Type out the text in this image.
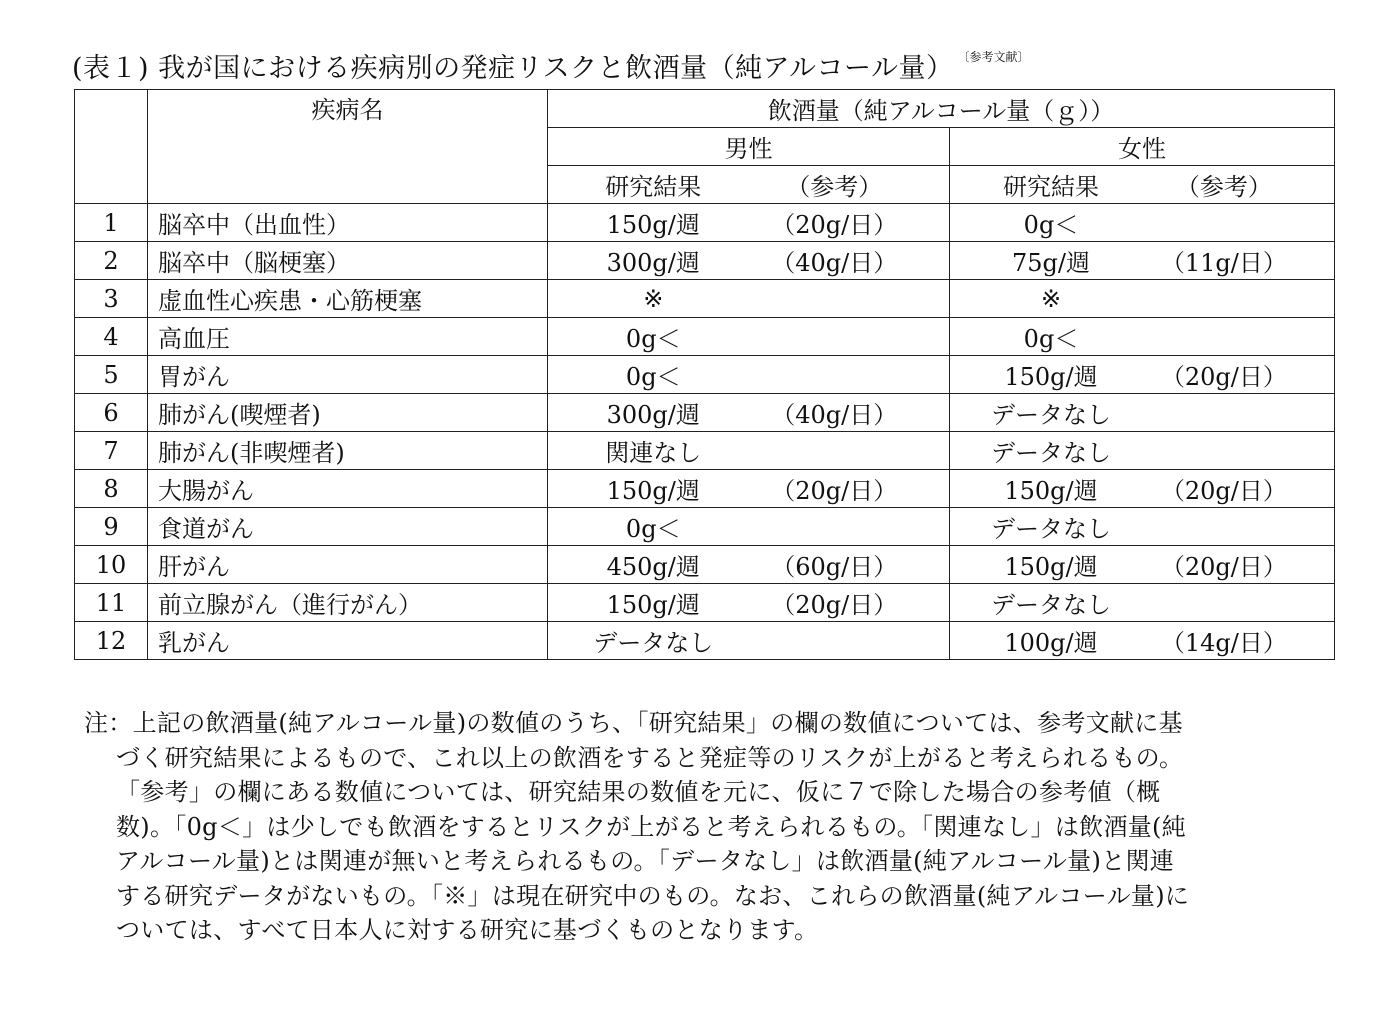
(表１) 我が国における疾病別の発症リスクと飲酒量（純アルコール量） $^{〔参考文献〕}$
	疾病名	飲酒量（純アルコール量（ｇ））	
		男性	女性

		研究結果 （参考）	研究結果 （参考）

1	脳卒中（出血性）	150g/週 （20g/日）	0g＜

2	脳卒中（脳梗塞）	300g/週 （40g/日）	75g/週 （11g/日）

3	虚血性心疾患・心筋梗塞	※	※

4	高血圧	0g＜	0g＜

5	胃がん	0g＜	150g/週 （20g/日）

6	肺がん(喫煙者)	300g/週 （40g/日）	データなし

7	肺がん(非喫煙者)	関連なし	データなし

8	大腸がん	150g/週 （20g/日）	150g/週 （20g/日）

9	食道がん	0g＜	データなし

10	肝がん	450g/週 （60g/日）	150g/週 （20g/日）

11	前立腺がん（進行がん）	150g/週 （20g/日）	データなし

12	乳がん	データなし	100g/週 （14g/日）
注：上記の飲酒量(純アルコール量)の数値のうち、「研究結果」の欄の数値については、参考文献に基
づく研究結果によるもので、これ以上の飲酒をすると発症等のリスクが上がると考えられるもの。
「参考」の欄にある数値については、研究結果の数値を元に、仮に７で除した場合の参考値（概
数)。「0g＜」は少しでも飲酒をするとリスクが上がると考えられるもの。「関連なし」は飲酒量(純
アルコール量)とは関連が無いと考えられるもの。「データなし」は飲酒量(純アルコール量)と関連
する研究データがないもの。「※」は現在研究中のもの。なお、これらの飲酒量(純アルコール量)に
ついては、すべて日本人に対する研究に基づくものとなります。
